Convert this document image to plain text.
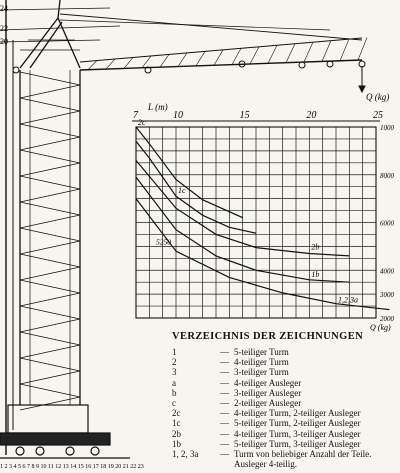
Q (kg)
1 2 3 4 5 6 7 8 9 10 11 12 13 14 15 16 17 18 19 20 21 22 23
24
22
20
7	10	15	20	25
L (m)
1000
8000
6000
4000
3000
2000
Q (kg)
2c
1c
2b
1b
1,2,3a
5250
VERZEICHNIS DER ZEICHNUNGEN
1	— 5-teiliger Turm
2	— 4-teiliger Turm
3	— 3-teiliger Turm
a	— 4-teiliger Ausleger
b	— 3-teiliger Ausleger
c	— 2-teiliger Ausleger
2c	— 4-teiliger Turm, 2-teiliger Ausleger
1c	— 5-teiliger Turm, 2-teiliger Ausleger
2b	— 4-teiliger Turm, 3-teiliger Ausleger
1b	— 5-teiliger Turm, 3-teiliger Ausleger
1, 2, 3a	— Turm von beliebiger Anzahl der Teile.
Ausleger 4-teilig.
